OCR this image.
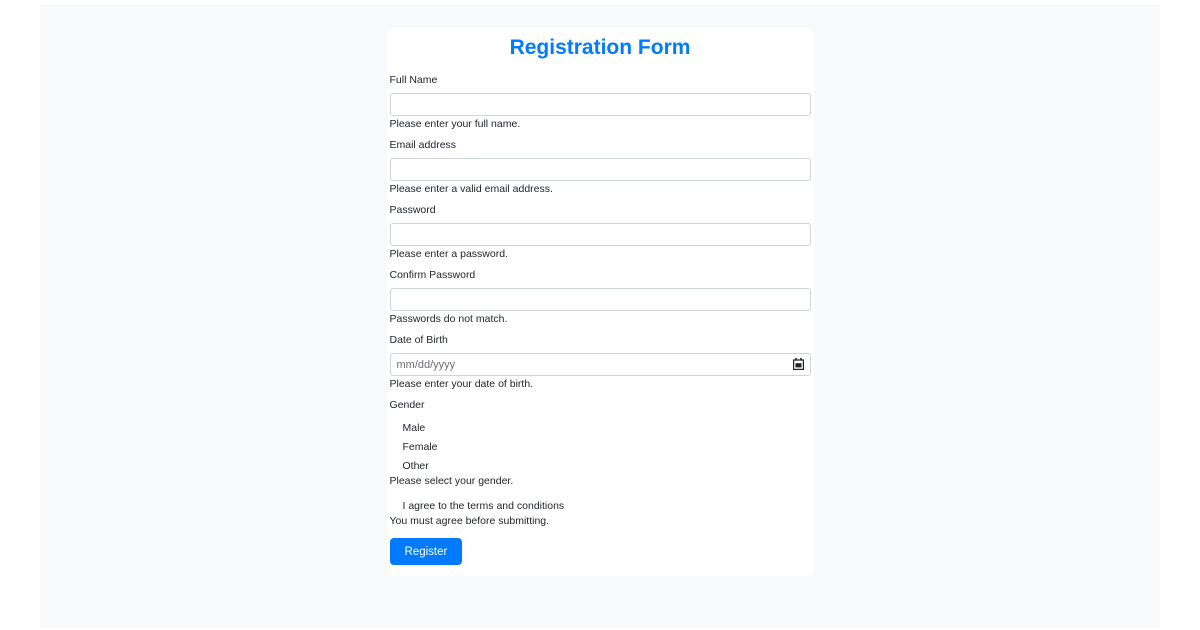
Registration Form
Full Name
Please enter your full name.
Email address
Please enter a valid email address.
Password
Please enter a password.
Confirm Password
Passwords do not match.
Date of Birth
mm/dd/yyyy
Please enter your date of birth.
Gender
Male
Female
Other
Please select your gender.
I agree to the terms and conditions
You must agree before submitting.
Register
